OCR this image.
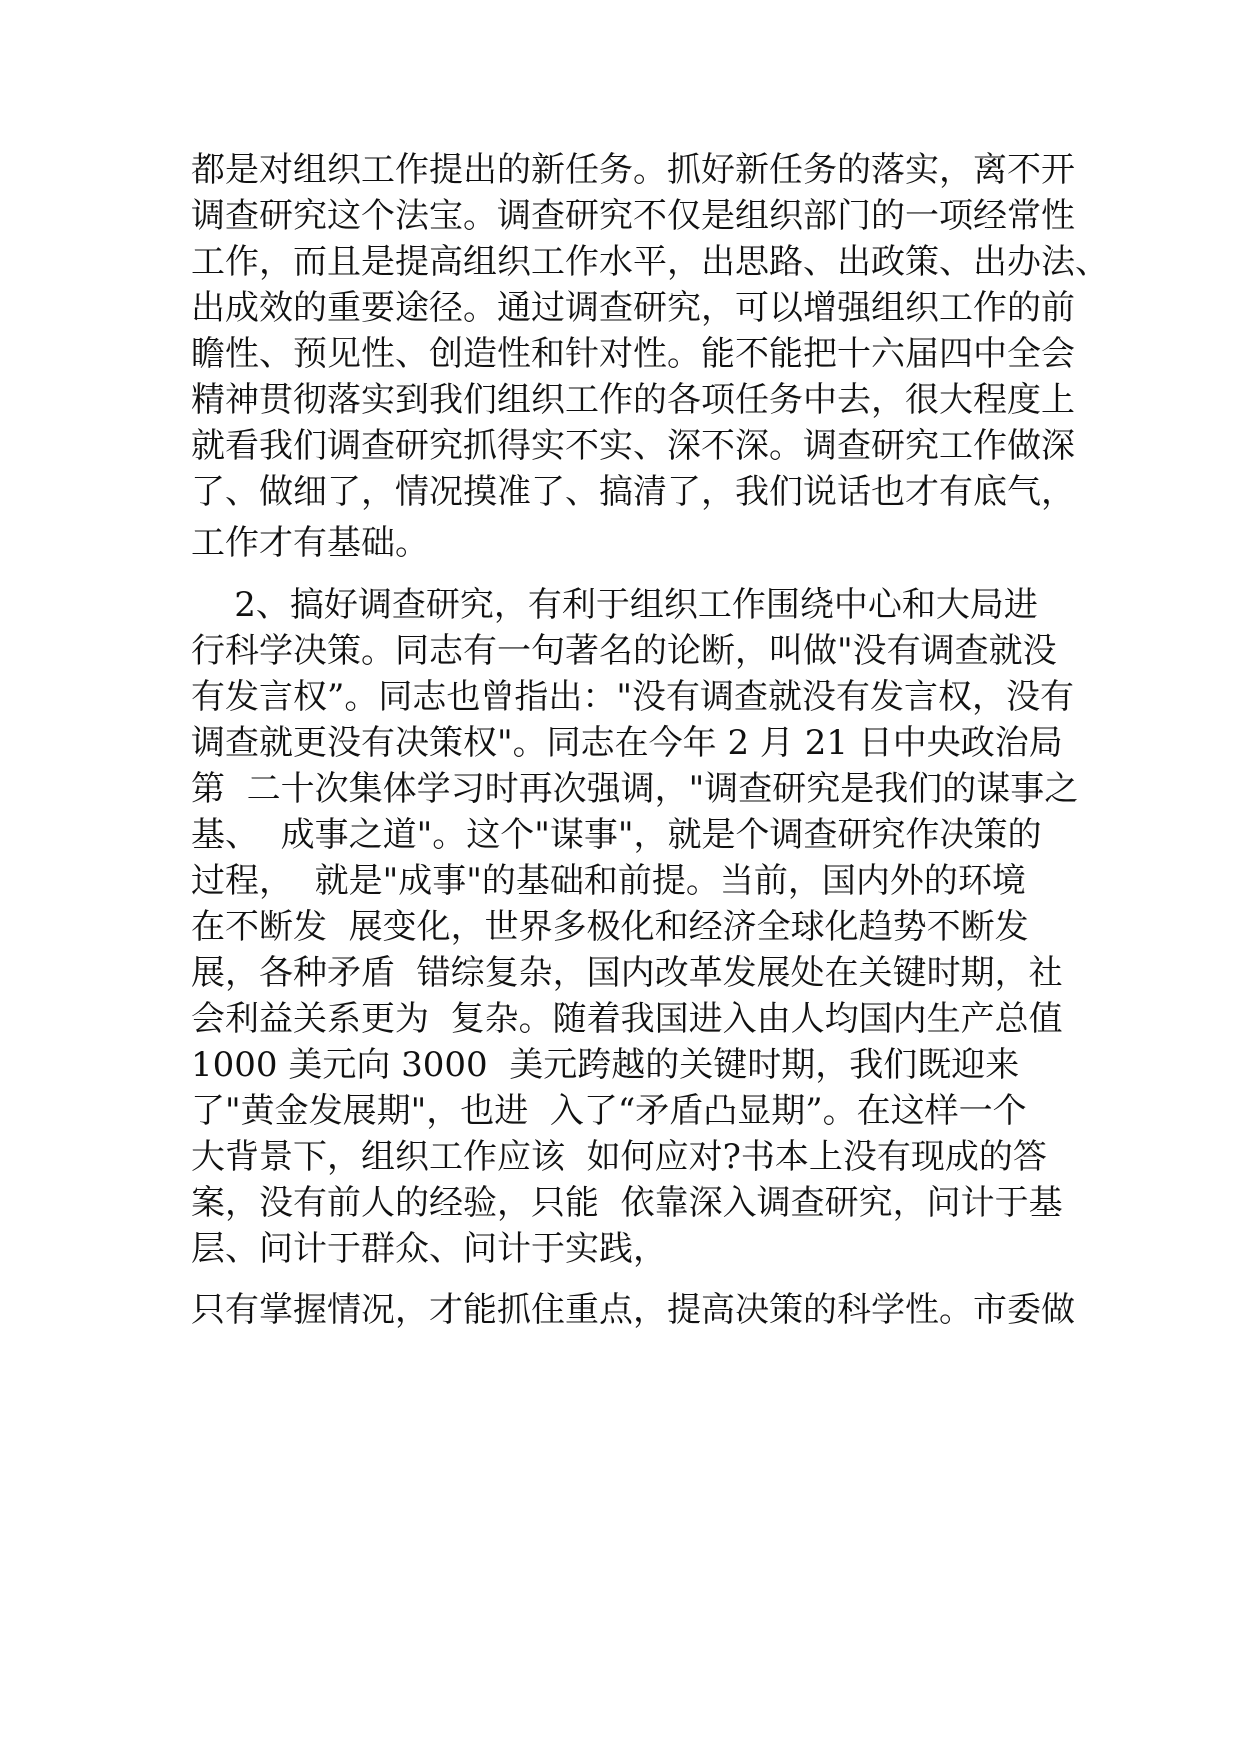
都是对组织工作提出的新任务。抓好新任务的落实，离不开

调查研究这个法宝。调查研究不仅是组织部门的一项经常性

工作，而且是提高组织工作水平，出思路、出政策、出办法、

出成效的重要途径。通过调查研究，可以增强组织工作的前

瞻性、预见性、创造性和针对性。能不能把十六届四中全会

精神贯彻落实到我们组织工作的各项任务中去，很大程度上

就看我们调查研究抓得实不实、深不深。调查研究工作做深

了、做细了，情况摸准了、搞清了，我们说话也才有底气，

工作才有基础。

2、搞好调查研究，有利于组织工作围绕中心和大局进

行科学决策。同志有一句著名的论断，叫做"没有调查就没

有发言权”。同志也曾指出："没有调查就没有发言权，没有

调查就更没有决策权"。同志在今年 2 月 21 日中央政治局

第  二十次集体学习时再次强调，"调查研究是我们的谋事之

基、  成事之道"。这个"谋事"，就是个调查研究作决策的

过程，  就是"成事"的基础和前提。当前，国内外的环境

在不断发  展变化，世界多极化和经济全球化趋势不断发

展，各种矛盾  错综复杂，国内改革发展处在关键时期，社

会利益关系更为  复杂。随着我国进入由人均国内生产总值

1000 美元向 3000  美元跨越的关键时期，我们既迎来

了"黄金发展期"，也进  入了“矛盾凸显期”。在这样一个

大背景下，组织工作应该  如何应对?书本上没有现成的答

案，没有前人的经验，只能  依靠深入调查研究，问计于基

层、问计于群众、问计于实践，

只有掌握情况，才能抓住重点，提高决策的科学性。市委做
